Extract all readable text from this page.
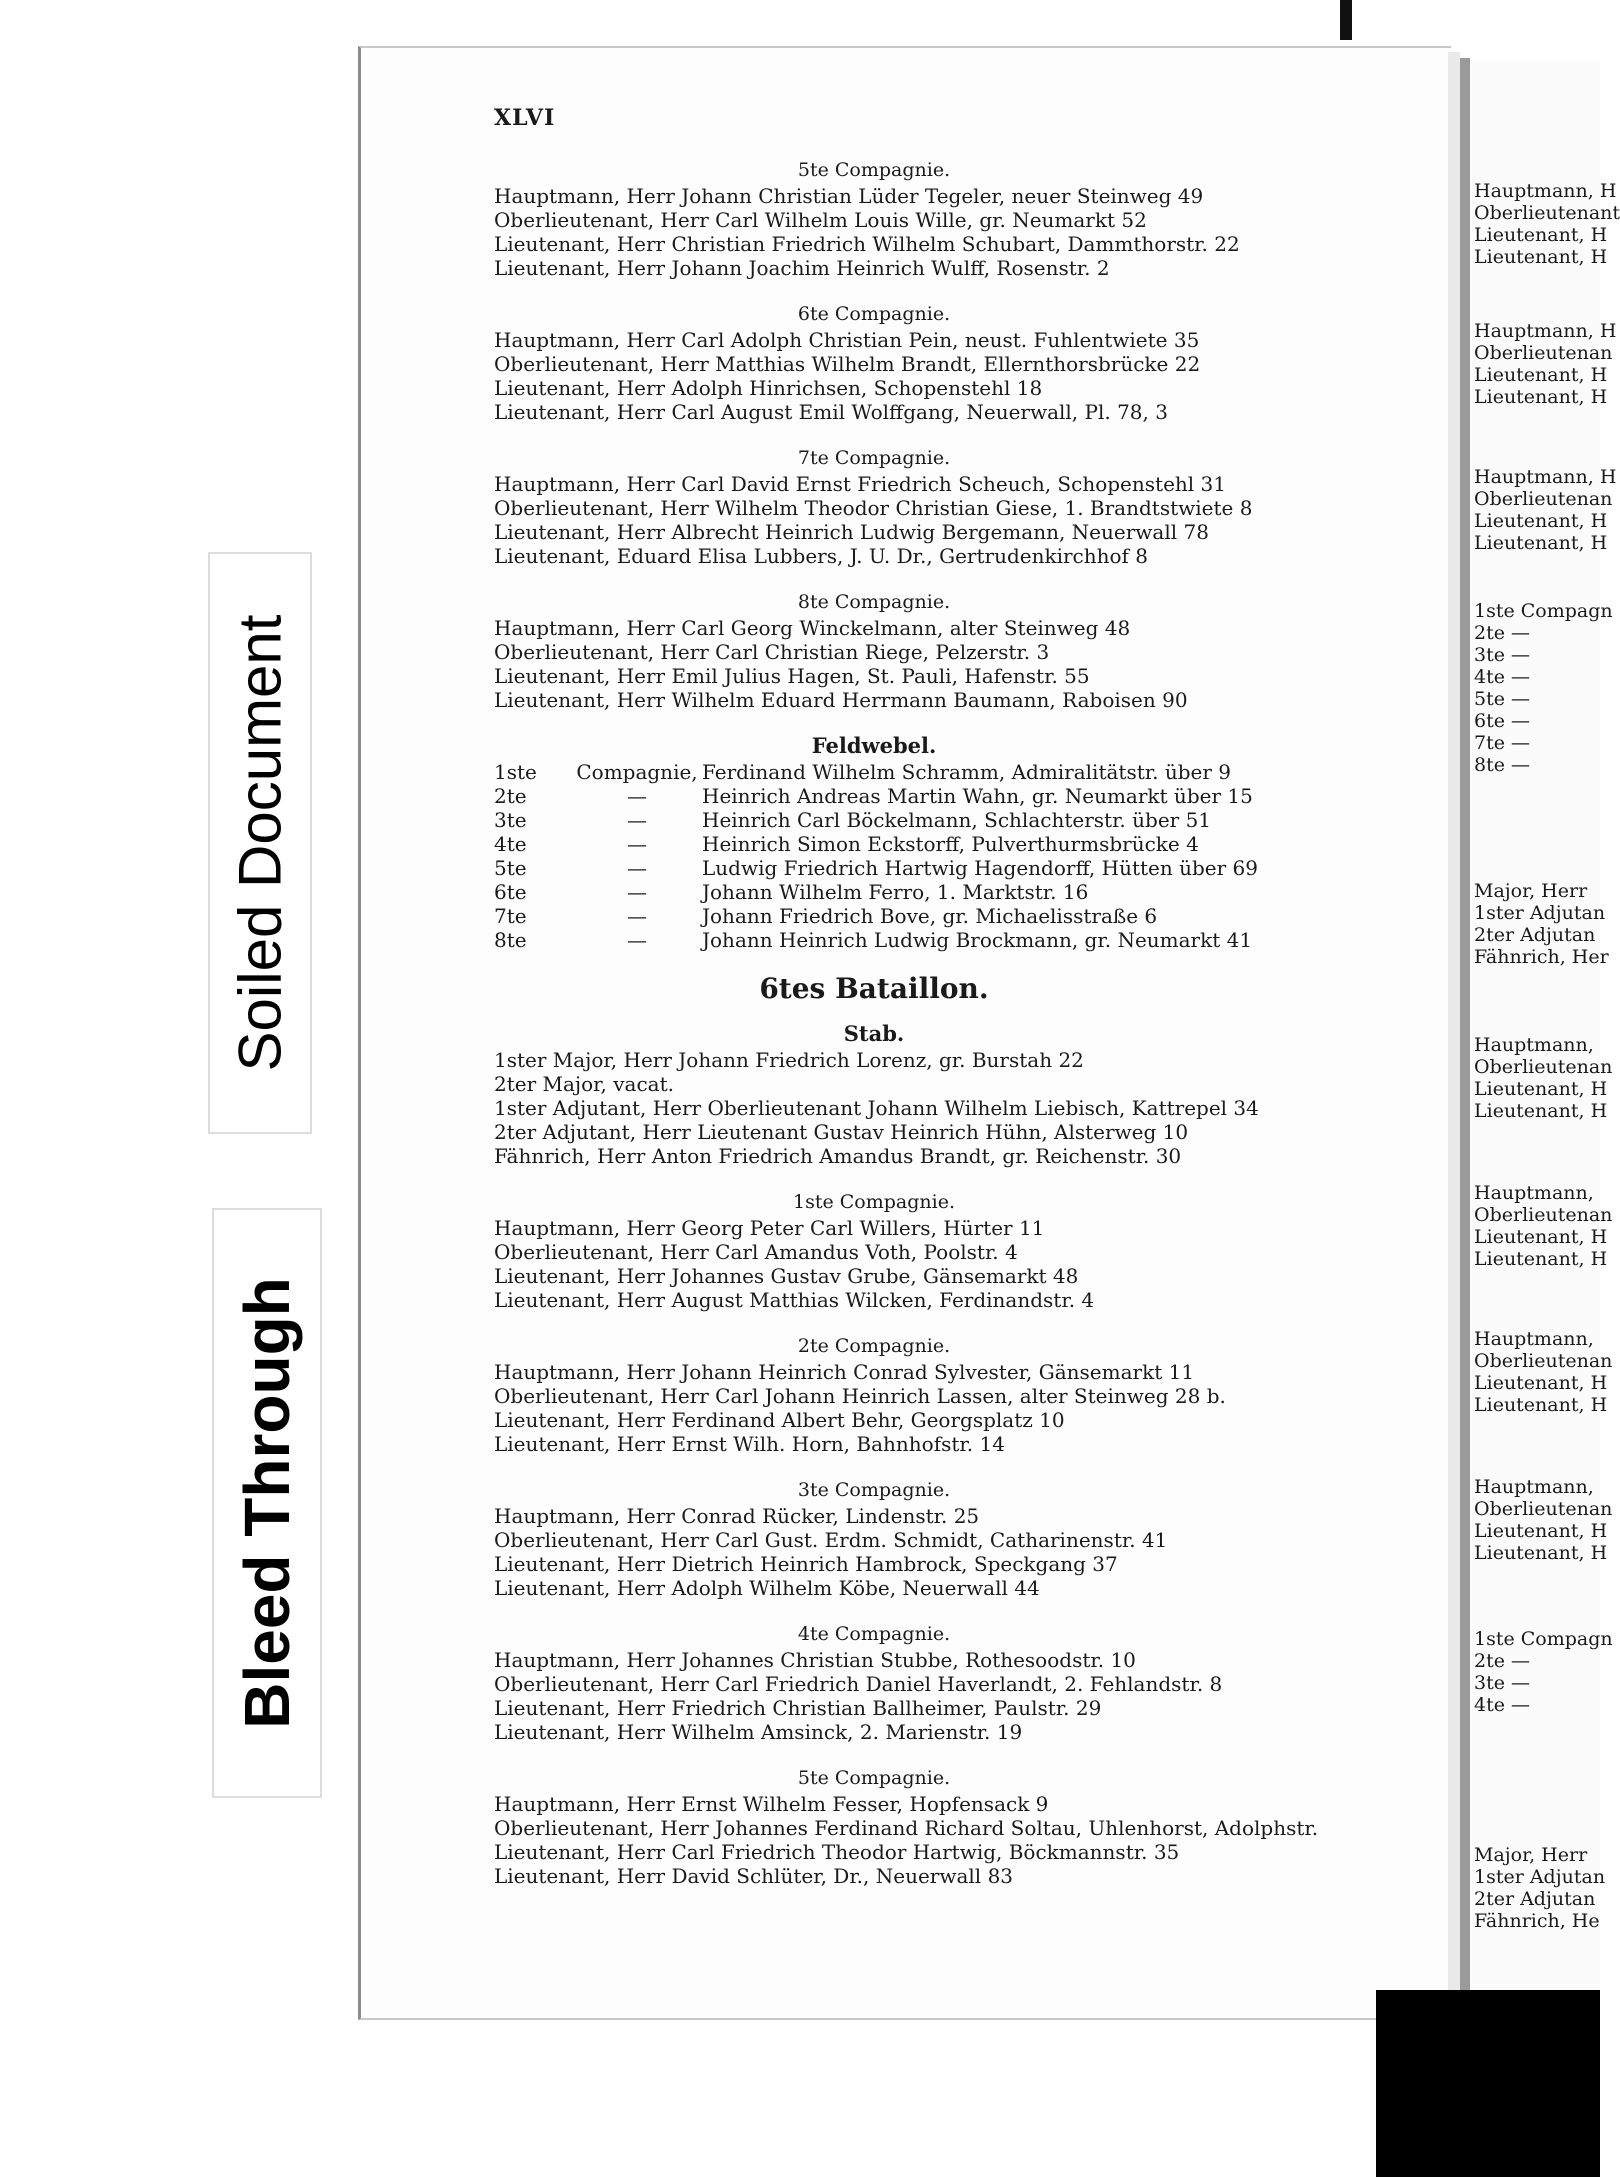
Soiled Document
Bleed Through
Hauptmann, H
Oberlieutenant
Lieutenant, H
Lieutenant, H
Hauptmann, H
Oberlieutenan
Lieutenant, H
Lieutenant, H
Hauptmann, H
Oberlieutenan
Lieutenant, H
Lieutenant, H
1ste Compagn
2te —
3te —
4te —
5te —
6te —
7te —
8te —
Major, Herr
1ster Adjutan
2ter Adjutan
Fähnrich, Her
Hauptmann,
Oberlieutenan
Lieutenant, H
Lieutenant, H
Hauptmann,
Oberlieutenan
Lieutenant, H
Lieutenant, H
Hauptmann,
Oberlieutenan
Lieutenant, H
Lieutenant, H
Hauptmann,
Oberlieutenan
Lieutenant, H
Lieutenant, H
1ste Compagn
2te —
3te —
4te —
Major, Herr
1ster Adjutan
2ter Adjutan
Fähnrich, He
XLVI
5te Compagnie.
Hauptmann, Herr Johann Christian Lüder Tegeler, neuer Steinweg 49
Oberlieutenant, Herr Carl Wilhelm Louis Wille, gr. Neumarkt 52
Lieutenant, Herr Christian Friedrich Wilhelm Schubart, Dammthorstr. 22
Lieutenant, Herr Johann Joachim Heinrich Wulff, Rosenstr. 2
6te Compagnie.
Hauptmann, Herr Carl Adolph Christian Pein, neust. Fuhlentwiete 35
Oberlieutenant, Herr Matthias Wilhelm Brandt, Ellernthorsbrücke 22
Lieutenant, Herr Adolph Hinrichsen, Schopenstehl 18
Lieutenant, Herr Carl August Emil Wolffgang, Neuerwall, Pl. 78, 3
7te Compagnie.
Hauptmann, Herr Carl David Ernst Friedrich Scheuch, Schopenstehl 31
Oberlieutenant, Herr Wilhelm Theodor Christian Giese, 1. Brandtstwiete 8
Lieutenant, Herr Albrecht Heinrich Ludwig Bergemann, Neuerwall 78
Lieutenant, Eduard Elisa Lubbers, J. U. Dr., Gertrudenkirchhof 8
8te Compagnie.
Hauptmann, Herr Carl Georg Winckelmann, alter Steinweg 48
Oberlieutenant, Herr Carl Christian Riege, Pelzerstr. 3
Lieutenant, Herr Emil Julius Hagen, St. Pauli, Hafenstr. 55
Lieutenant, Herr Wilhelm Eduard Herrmann Baumann, Raboisen 90
Feldwebel.
1ste	Compagnie, Ferdinand Wilhelm Schramm, Admiralitätstr. über 9
2te	—	Heinrich Andreas Martin Wahn, gr. Neumarkt über 15
3te	—	Heinrich Carl Böckelmann, Schlachterstr. über 51
4te	—	Heinrich Simon Eckstorff, Pulverthurmsbrücke 4
5te	—	Ludwig Friedrich Hartwig Hagendorff, Hütten über 69
6te	—	Johann Wilhelm Ferro, 1. Marktstr. 16
7te	—	Johann Friedrich Bove, gr. Michaelisstraße 6
8te	—	Johann Heinrich Ludwig Brockmann, gr. Neumarkt 41
6tes Bataillon.
Stab.
1ster Major, Herr Johann Friedrich Lorenz, gr. Burstah 22
2ter Major, vacat.
1ster Adjutant, Herr Oberlieutenant Johann Wilhelm Liebisch, Kattrepel 34
2ter Adjutant, Herr Lieutenant Gustav Heinrich Hühn, Alsterweg 10
Fähnrich, Herr Anton Friedrich Amandus Brandt, gr. Reichenstr. 30
1ste Compagnie.
Hauptmann, Herr Georg Peter Carl Willers, Hürter 11
Oberlieutenant, Herr Carl Amandus Voth, Poolstr. 4
Lieutenant, Herr Johannes Gustav Grube, Gänsemarkt 48
Lieutenant, Herr August Matthias Wilcken, Ferdinandstr. 4
2te Compagnie.
Hauptmann, Herr Johann Heinrich Conrad Sylvester, Gänsemarkt 11
Oberlieutenant, Herr Carl Johann Heinrich Lassen, alter Steinweg 28 b.
Lieutenant, Herr Ferdinand Albert Behr, Georgsplatz 10
Lieutenant, Herr Ernst Wilh. Horn, Bahnhofstr. 14
3te Compagnie.
Hauptmann, Herr Conrad Rücker, Lindenstr. 25
Oberlieutenant, Herr Carl Gust. Erdm. Schmidt, Catharinenstr. 41
Lieutenant, Herr Dietrich Heinrich Hambrock, Speckgang 37
Lieutenant, Herr Adolph Wilhelm Köbe, Neuerwall 44
4te Compagnie.
Hauptmann, Herr Johannes Christian Stubbe, Rothesoodstr. 10
Oberlieutenant, Herr Carl Friedrich Daniel Haverlandt, 2. Fehlandstr. 8
Lieutenant, Herr Friedrich Christian Ballheimer, Paulstr. 29
Lieutenant, Herr Wilhelm Amsinck, 2. Marienstr. 19
5te Compagnie.
Hauptmann, Herr Ernst Wilhelm Fesser, Hopfensack 9
Oberlieutenant, Herr Johannes Ferdinand Richard Soltau, Uhlenhorst, Adolphstr.
Lieutenant, Herr Carl Friedrich Theodor Hartwig, Böckmannstr. 35
Lieutenant, Herr David Schlüter, Dr., Neuerwall 83
